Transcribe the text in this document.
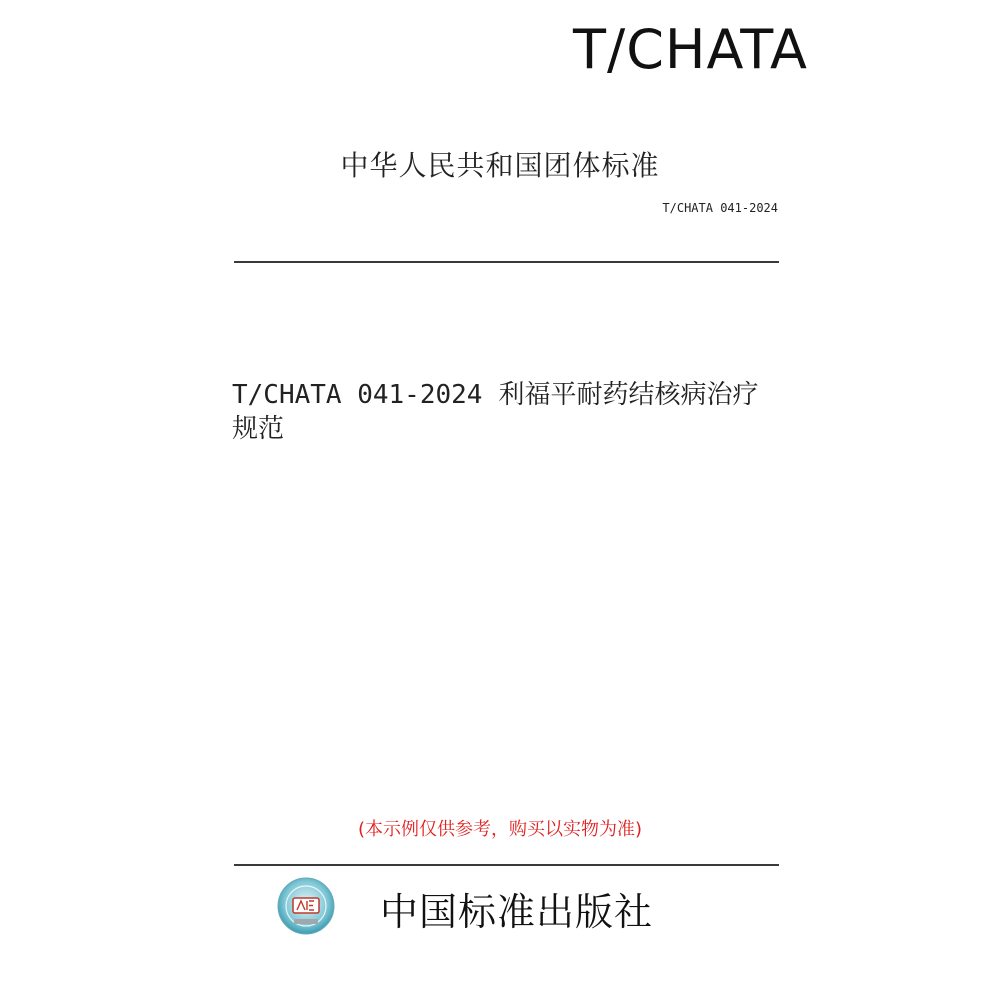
T/CHATA
中华人民共和国团体标准
T/CHATA 041-2024
T/CHATA 041-2024 利福平耐药结核病治疗规范
(本示例仅供参考，购买以实物为准)
中国标准出版社
